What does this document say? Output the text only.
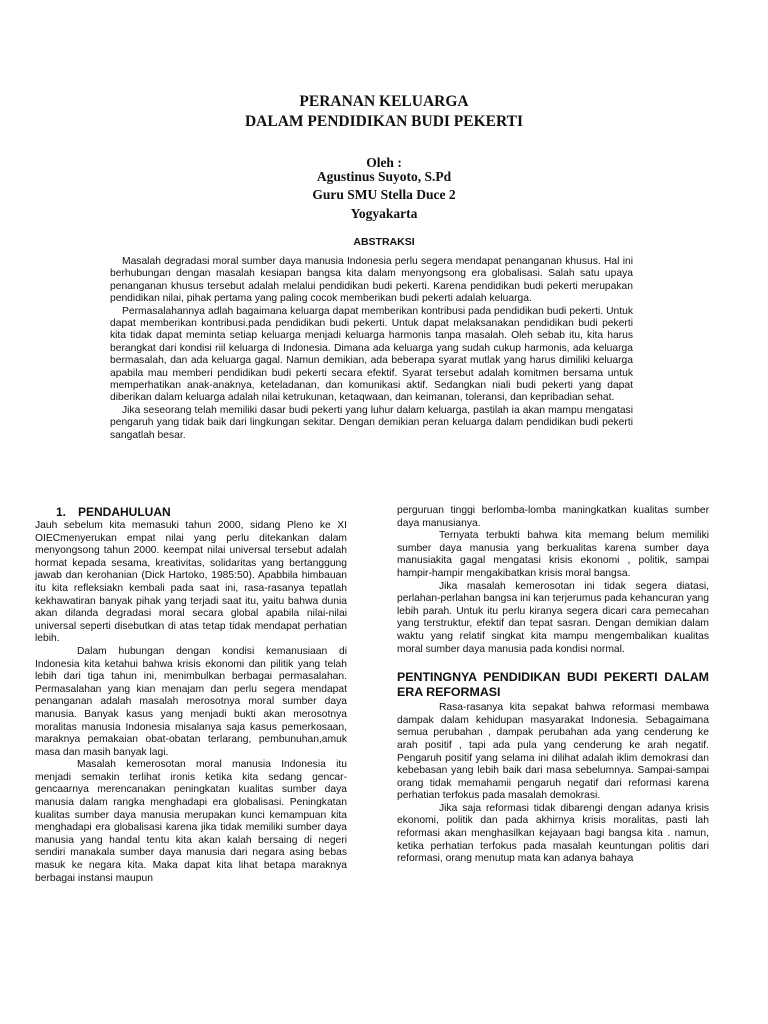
PERANAN KELUARGA
DALAM PENDIDIKAN BUDI PEKERTI
Oleh :
Agustinus Suyoto, S.Pd
Guru SMU Stella Duce 2
Yogyakarta
ABSTRAKSI

Masalah degradasi moral sumber daya manusia Indonesia perlu segera mendapat penanganan khusus. Hal ini berhubungan dengan masalah kesiapan bangsa kita dalam menyongsong era globalisasi. Salah satu upaya penanganan khusus tersebut adalah melalui pendidikan budi pekerti. Karena pendidikan budi pekerti merupakan pendidikan nilai, pihak pertama yang paling cocok memberikan budi pekerti adalah keluarga.

Permasalahannya adlah bagaimana keluarga dapat memberikan kontribusi pada pendidikan budi pekerti. Untuk dapat memberikan kontribusi.pada pendidikan budi pekerti. Untuk dapat melaksanakan pendidikan budi pekerti kita tidak dapat meminta setiap keluarga menjadi keluarga harmonis tanpa masalah. Oleh sebab itu, kita harus berangkat dari kondisi riil keluarga di Indonesia. Dimana ada keluarga yang sudah cukup harmonis, ada keluarga bermasalah, dan ada keluarga gagal. Namun demikian, ada beberapa syarat mutlak yang harus dimiliki keluarga apabila mau memberi pendidikan budi pekerti secara efektif. Syarat tersebut adalah komitmen bersama untuk memperhatikan anak-anaknya, keteladanan, dan komunikasi aktif. Sedangkan niali budi pekerti yang dapat diberikan dalam keluarga adalah nilai ketrukunan, ketaqwaan, dan keimanan, toleransi, dan kepribadian sehat.

Jika seseorang telah memiliki dasar budi pekerti yang luhur dalam keluarga, pastilah ia akan mampu mengatasi pengaruh yang tidak baik dari lingkungan sekitar. Dengan demikian peran keluarga dalam pendidikan budi pekerti sangatlah besar.

1. PENDAHULUAN

Jauh sebelum kita memasuki tahun 2000, sidang Pleno ke XI OIECmenyerukan empat nilai yang perlu ditekankan dalam menyongsong tahun 2000. keempat nilai universal tersebut adalah hormat kepada sesama, kreativitas, solidaritas yang bertanggung jawab dan kerohanian (Dick Hartoko, 1985:50). Apabbila himbauan itu kita refleksiakn kembali pada saat ini, rasa-rasanya tepatlah kekhawatiran banyak pihak yang terjadi saat itu, yaitu bahwa dunia akan dilanda degradasi moral secara global apabila nilai-nilai universal seperti disebutkan di atas tetap tidak mendapat perhatian lebih.

Dalam hubungan dengan kondisi kemanusiaan di Indonesia kita ketahui bahwa krisis ekonomi dan pilitik yang telah lebih dari tiga tahun ini, menimbulkan berbagai permasalahan. Permasalahan yang kian menajam dan perlu segera mendapat penanganan adalah masalah merosotnya moral sumber daya manusia. Banyak kasus yang menjadi bukti akan merosotnya moralitas manusia Indonesia misalanya saja kasus pemerkosaan, maraknya pemakaian obat-obatan terlarang, pembunuhan,amuk masa dan masih banyak lagi.

Masalah kemerosotan moral manusia Indonesia itu menjadi semakin terlihat ironis ketika kita sedang gencar-gencaarnya merencanakan peningkatan kualitas sumber daya manusia dalam rangka menghadapi era globalisasi. Peningkatan kualitas sumber daya manusia merupakan kunci kemampuan kita menghadapi era globalisasi karena jika tidak memiliki sumber daya manusia yang handal tentu kita akan kalah bersaing di negeri sendiri manakala sumber daya manusia dari negara asing bebas masuk ke negara kita. Maka dapat kita lihat betapa maraknya berbagai instansi maupun

perguruan tinggi berlomba-lomba maningkatkan kualitas sumber daya manusianya.

Ternyata terbukti bahwa kita memang belum memiliki sumber daya manusia yang berkualitas karena sumber daya manusiakita gagal mengatasi krisis ekonomi , politik, sampai hampir-hampir mengakibatkan krisis moral bangsa.

Jika masalah kemerosotan ini tidak segera diatasi, perlahan-perlahan bangsa ini kan terjerumus pada kehancuran yang lebih parah. Untuk itu perlu kiranya segera dicari cara pemecahan yang terstruktur, efektif dan tepat sasran. Dengan demikian dalam waktu yang relatif singkat kita mampu mengembalikan kualitas moral sumber daya manusia pada kondisi normal.

PENTINGNYA PENDIDIKAN BUDI PEKERTI DALAM ERA REFORMASI

Rasa-rasanya kita sepakat bahwa reformasi membawa dampak dalam kehidupan masyarakat Indonesia. Sebagaimana semua perubahan , dampak perubahan ada yang cenderung ke arah positif , tapi ada pula yang cenderung ke arah negatif. Pengaruh positif yang selama ini dilihat adalah iklim demokrasi dan kebebasan yang lebih baik dari masa sebelumnya. Sampai-sampai orang tidak memahamii pengaruh negatif dari reformasi karena perhatian terfokus pada masalah demokrasi.

Jika saja reformasi tidak dibarengi dengan adanya krisis ekonomi, politik dan pada akhirnya krisis moralitas, pasti lah reformasi akan menghasilkan kejayaan bagi bangsa kita . namun, ketika perhatian terfokus pada masalah keuntungan politis dari reformasi, orang menutup mata kan adanya bahaya
